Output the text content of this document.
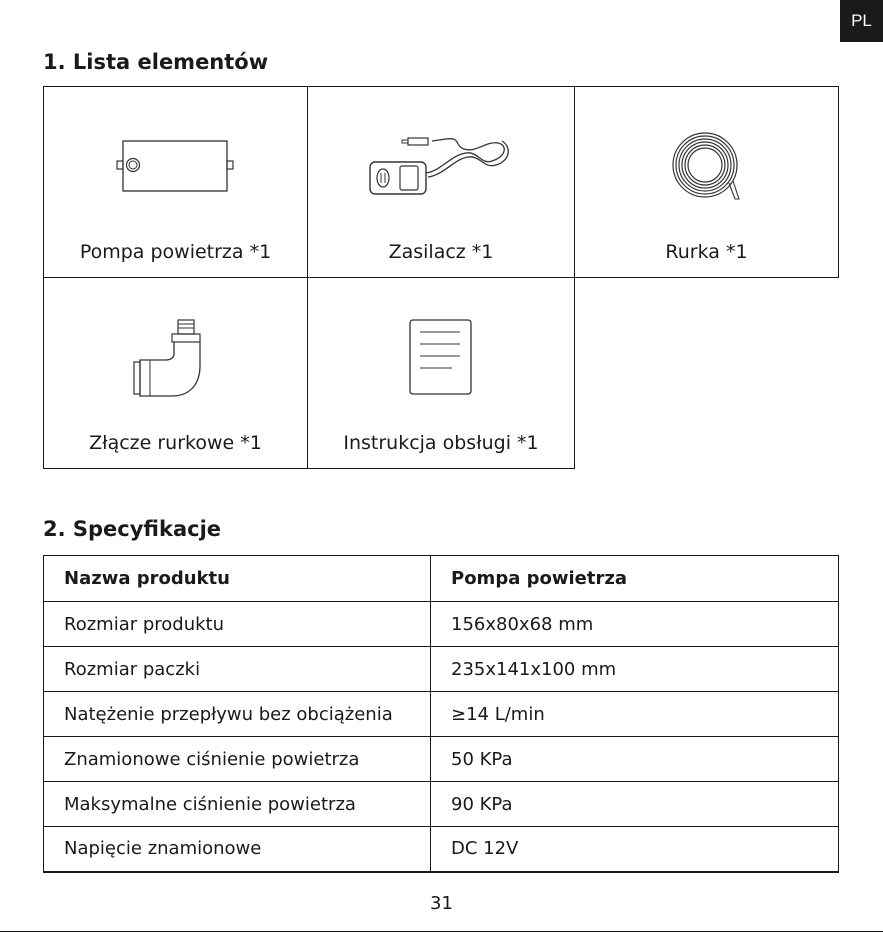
PL
1. Lista elementów
Pompa powietrza *1	Zasilacz *1	Rurka *1
Złącze rurkowe *1	Instrukcja obsługi *1
2. Specyfikacje
Nazwa produktu	Pompa powietrza
Rozmiar produktu	156x80x68 mm
Rozmiar paczki	235x141x100 mm
Natężenie przepływu bez obciążenia	≥14 L/min
Znamionowe ciśnienie powietrza	50 KPa
Maksymalne ciśnienie powietrza	90 KPa
Napięcie znamionowe	DC 12V
31
